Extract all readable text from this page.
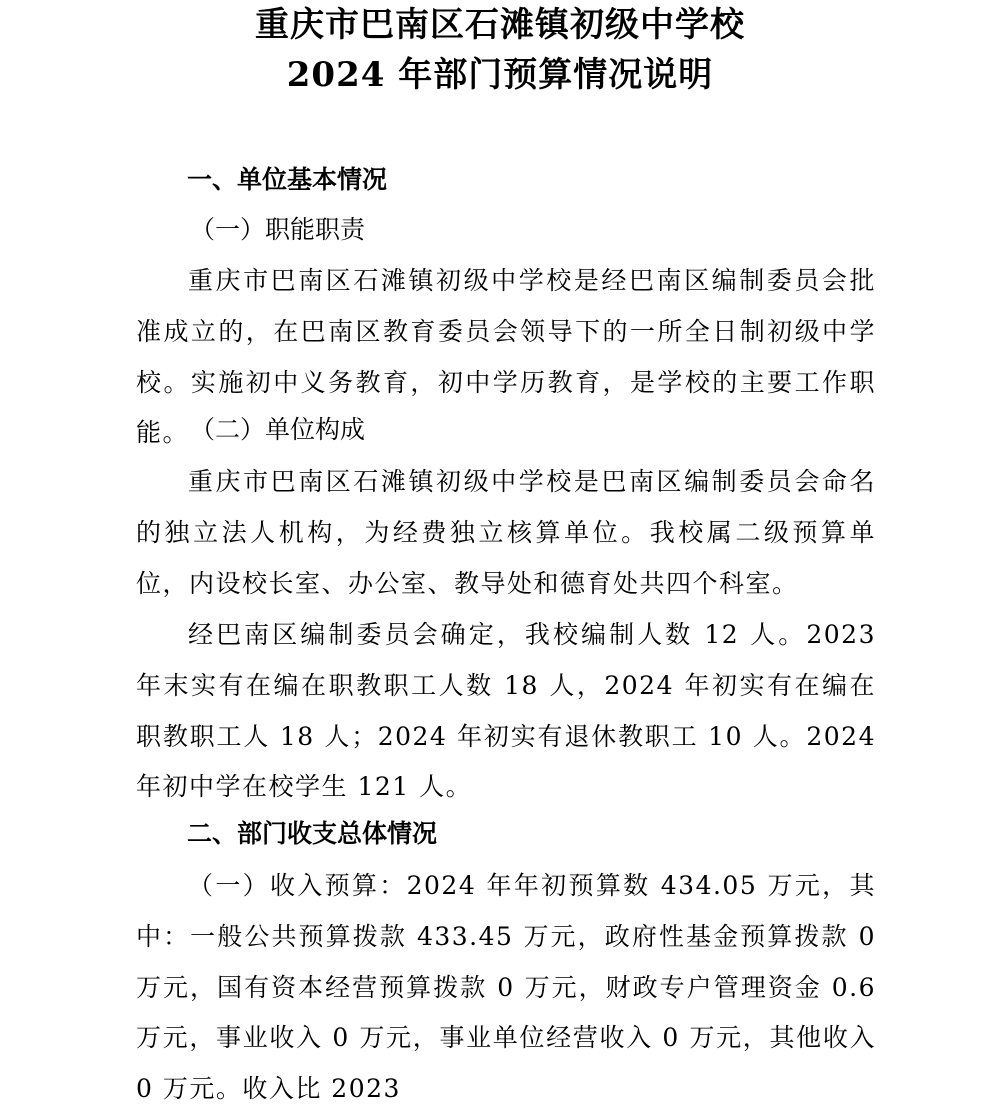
重庆市巴南区石滩镇初级中学校
2024 年部门预算情况说明
一、单位基本情况
（一）职能职责

重庆市巴南区石滩镇初级中学校是经巴南区编制委员会批准成立的，在巴南区教育委员会领导下的一所全日制初级中学校。实施初中义务教育，初中学历教育，是学校的主要工作职能。 （二）单位构成

重庆市巴南区石滩镇初级中学校是巴南区编制委员会命名的独立法人机构，为经费独立核算单位。我校属二级预算单位，内设校长室、办公室、教导处和德育处共四个科室。

经巴南区编制委员会确定，我校编制人数 12 人。2023 年末实有在编在职教职工人数 18 人，2024 年初实有在编在职教职工人 18 人；2024 年初实有退休教职工 10 人。2024 年初中学在校学生 121 人。

二、部门收支总体情况

（一）收入预算：2024 年年初预算数 434.05 万元，其中：一般公共预算拨款 433.45 万元，政府性基金预算拨款 0 万元，国有资本经营预算拨款 0 万元，财政专户管理资金 0.6 万元，事业收入 0 万元，事业单位经营收入 0 万元，其他收入 0 万元。收入比 2023
